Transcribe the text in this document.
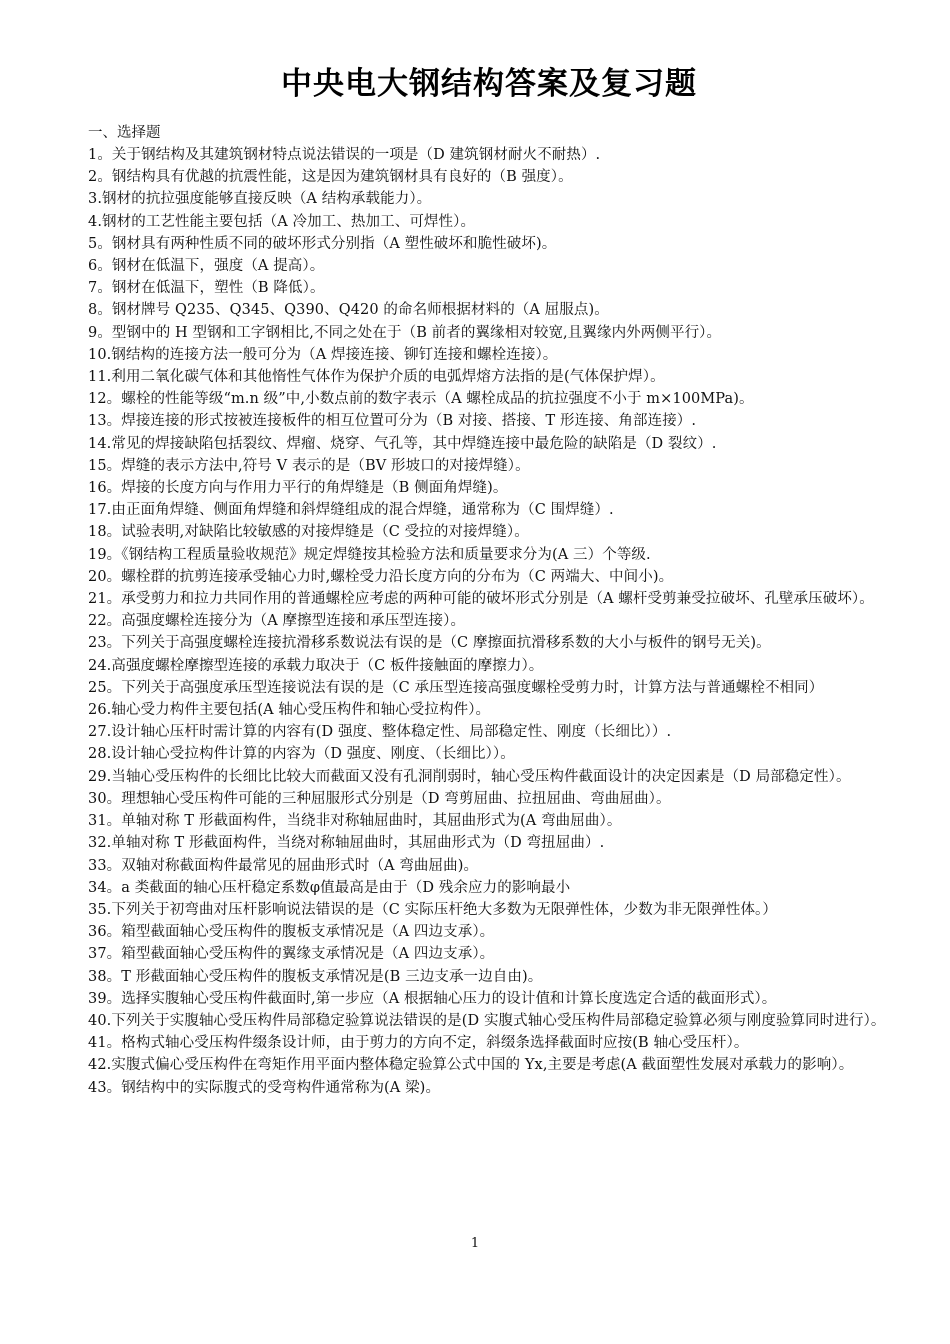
中央电大钢结构答案及复习题
一、选择题
1。关于钢结构及其建筑钢材特点说法错误的一项是（D 建筑钢材耐火不耐热）.
2。钢结构具有优越的抗震性能，这是因为建筑钢材具有良好的（B 强度）。
3.钢材的抗拉强度能够直接反映（A 结构承载能力）。
4.钢材的工艺性能主要包括（A 冷加工、热加工、可焊性）。
5。钢材具有两种性质不同的破坏形式分别指（A 塑性破坏和脆性破坏)。
6。钢材在低温下，强度（A 提高）。
7。钢材在低温下，塑性（B 降低）。
8。钢材牌号 Q235、Q345、Q390、Q420 的命名师根据材料的（A 屈服点)。
9。型钢中的 H 型钢和工字钢相比,不同之处在于（B 前者的翼缘相对较宽,且翼缘内外两侧平行）。
10.钢结构的连接方法一般可分为（A 焊接连接、铆钉连接和螺栓连接）。
11.利用二氧化碳气体和其他惰性气体作为保护介质的电弧焊熔方法指的是(气体保护焊）。
12。螺栓的性能等级“m.n 级”中,小数点前的数字表示（A 螺栓成品的抗拉强度不小于 m×100MPa)。
13。焊接连接的形式按被连接板件的相互位置可分为（B 对接、搭接、T 形连接、角部连接）.
14.常见的焊接缺陷包括裂纹、焊瘤、烧穿、气孔等，其中焊缝连接中最危险的缺陷是（D 裂纹）.
15。焊缝的表示方法中,符号 V 表示的是（BV 形坡口的对接焊缝）。
16。焊接的长度方向与作用力平行的角焊缝是（B 侧面角焊缝)。
17.由正面角焊缝、侧面角焊缝和斜焊缝组成的混合焊缝，通常称为（C 围焊缝）.
18。试验表明,对缺陷比较敏感的对接焊缝是（C 受拉的对接焊缝）。
19。《钢结构工程质量验收规范》规定焊缝按其检验方法和质量要求分为(A 三）个等级.
20。螺栓群的抗剪连接承受轴心力时,螺栓受力沿长度方向的分布为（C 两端大、中间小)。
21。承受剪力和拉力共同作用的普通螺栓应考虑的两种可能的破坏形式分别是（A 螺杆受剪兼受拉破坏、孔壁承压破坏）。
22。高强度螺栓连接分为（A 摩擦型连接和承压型连接）。
23。下列关于高强度螺栓连接抗滑移系数说法有误的是（C 摩擦面抗滑移系数的大小与板件的钢号无关)。
24.高强度螺栓摩擦型连接的承载力取决于（C 板件接触面的摩擦力）。
25。下列关于高强度承压型连接说法有误的是（C 承压型连接高强度螺栓受剪力时，计算方法与普通螺栓不相同）
26.轴心受力构件主要包括(A 轴心受压构件和轴心受拉构件）。
27.设计轴心压杆时需计算的内容有(D 强度、整体稳定性、局部稳定性、刚度（长细比））.
28.设计轴心受拉构件计算的内容为（D 强度、刚度、（长细比））。
29.当轴心受压构件的长细比比较大而截面又没有孔洞削弱时，轴心受压构件截面设计的决定因素是（D 局部稳定性）。
30。理想轴心受压构件可能的三种屈服形式分别是（D 弯剪屈曲、拉扭屈曲、弯曲屈曲）。
31。单轴对称 T 形截面构件，当绕非对称轴屈曲时，其屈曲形式为(A 弯曲屈曲）。
32.单轴对称 T 形截面构件，当绕对称轴屈曲时，其屈曲形式为（D 弯扭屈曲）.
33。双轴对称截面构件最常见的屈曲形式时（A 弯曲屈曲)。
34。a 类截面的轴心压杆稳定系数φ值最高是由于（D 残余应力的影响最小
35.下列关于初弯曲对压杆影响说法错误的是（C 实际压杆绝大多数为无限弹性体，少数为非无限弹性体。）
36。箱型截面轴心受压构件的腹板支承情况是（A 四边支承）。
37。箱型截面轴心受压构件的翼缘支承情况是（A 四边支承）。
38。T 形截面轴心受压构件的腹板支承情况是(B 三边支承一边自由)。
39。选择实腹轴心受压构件截面时,第一步应（A 根据轴心压力的设计值和计算长度选定合适的截面形式）。
40.下列关于实腹轴心受压构件局部稳定验算说法错误的是(D 实腹式轴心受压构件局部稳定验算必须与刚度验算同时进行）。
41。格构式轴心受压构件缀条设计师，由于剪力的方向不定，斜缀条选择截面时应按(B 轴心受压杆）。
42.实腹式偏心受压构件在弯矩作用平面内整体稳定验算公式中国的 Yx,主要是考虑(A 截面塑性发展对承载力的影响）。
43。钢结构中的实际腹式的受弯构件通常称为(A 梁)。
1
